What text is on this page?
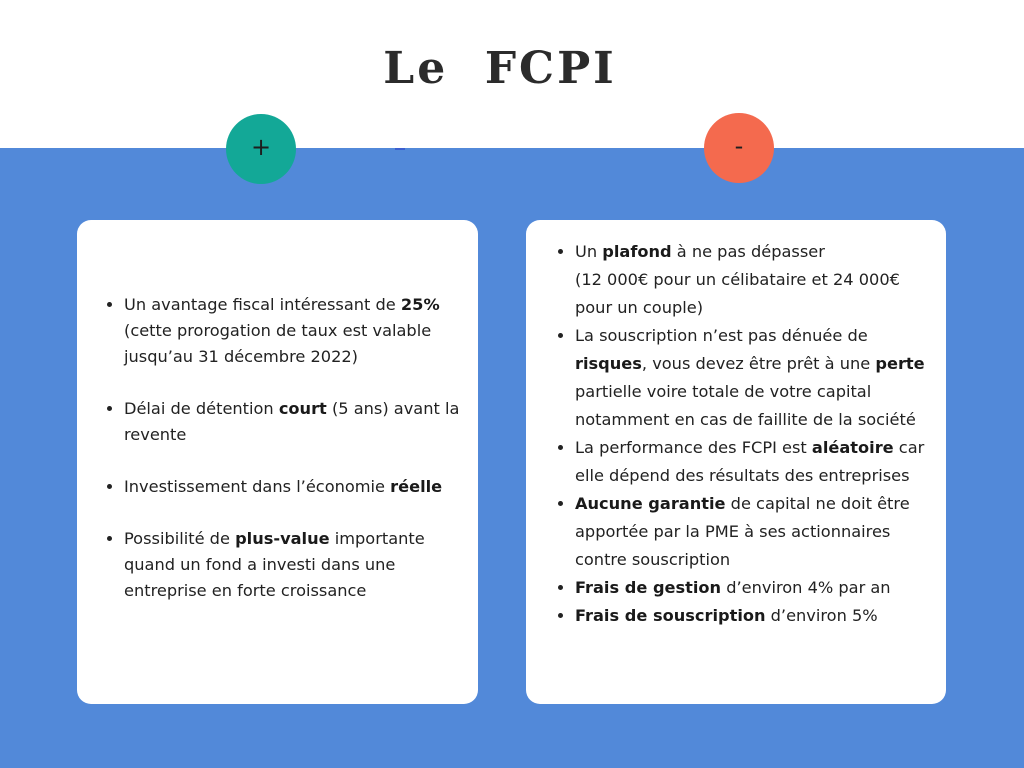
Le  FCPI
+	-
• Un avantage fiscal intéressant de 25% (cette prorogation de taux est valable jusqu’au 31 décembre 2022)
• Délai de détention court (5 ans) avant la revente
• Investissement dans l’économie réelle
• Possibilité de plus-value importante quand un fond a investi dans une entreprise en forte croissance
• Un plafond à ne pas dépasser
(12 000€ pour un célibataire et 24 000€ pour un couple)
• La souscription n’est pas dénuée de risques, vous devez être prêt à une perte partielle voire totale de votre capital notamment en cas de faillite de la société
• La performance des FCPI est aléatoire car elle dépend des résultats des entreprises
• Aucune garantie de capital ne doit être apportée par la PME à ses actionnaires contre souscription
• Frais de gestion d’environ 4% par an
• Frais de souscription d’environ 5%
